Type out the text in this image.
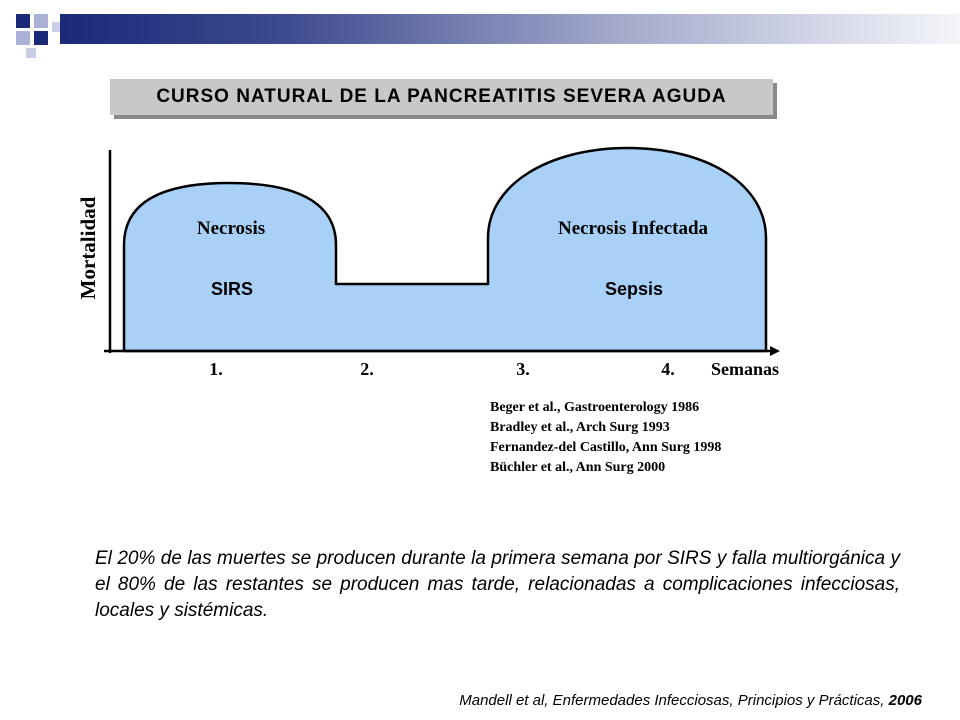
CURSO NATURAL DE LA PANCREATITIS SEVERA AGUDA
Mortalidad	Necrosis
SIRS
Necrosis Infectada
Sepsis
1.	2.	3.	4. Semanas
Beger et al., Gastroenterology 1986
Bradley et al., Arch Surg 1993
Fernandez-del Castillo, Ann Surg 1998
Büchler et al., Ann Surg 2000
El 20% de las muertes se producen durante la primera semana por SIRS y falla multiorgánica y el 80% de las restantes se producen mas tarde, relacionadas a complicaciones infecciosas, locales y sistémicas.
Mandell et al, Enfermedades Infecciosas, Principios y Prácticas, 2006
